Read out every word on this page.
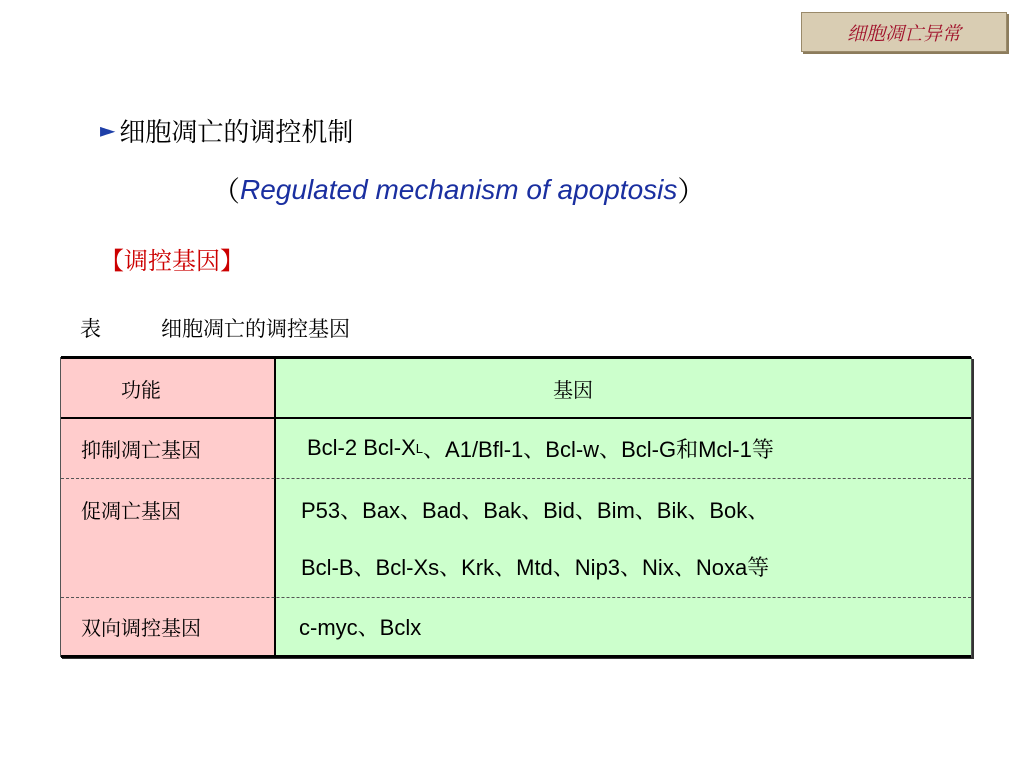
细胞凋亡异常
► 细胞凋亡的调控机制
（ Regulated mechanism of apoptosis ）
【调控基因】
表	细胞凋亡的调控基因
功能	基因
抑制凋亡基因	Bcl-2 Bcl-X L 、A1/Bfl-1、Bcl-w、Bcl-G和Mcl-1等
促凋亡基因	P53、Bax、Bad、Bak、Bid、Bim、Bik、Bok、
Bcl-B、Bcl-Xs、Krk、Mtd、Nip3、Nix、Noxa等
双向调控基因	c-myc、Bclx
